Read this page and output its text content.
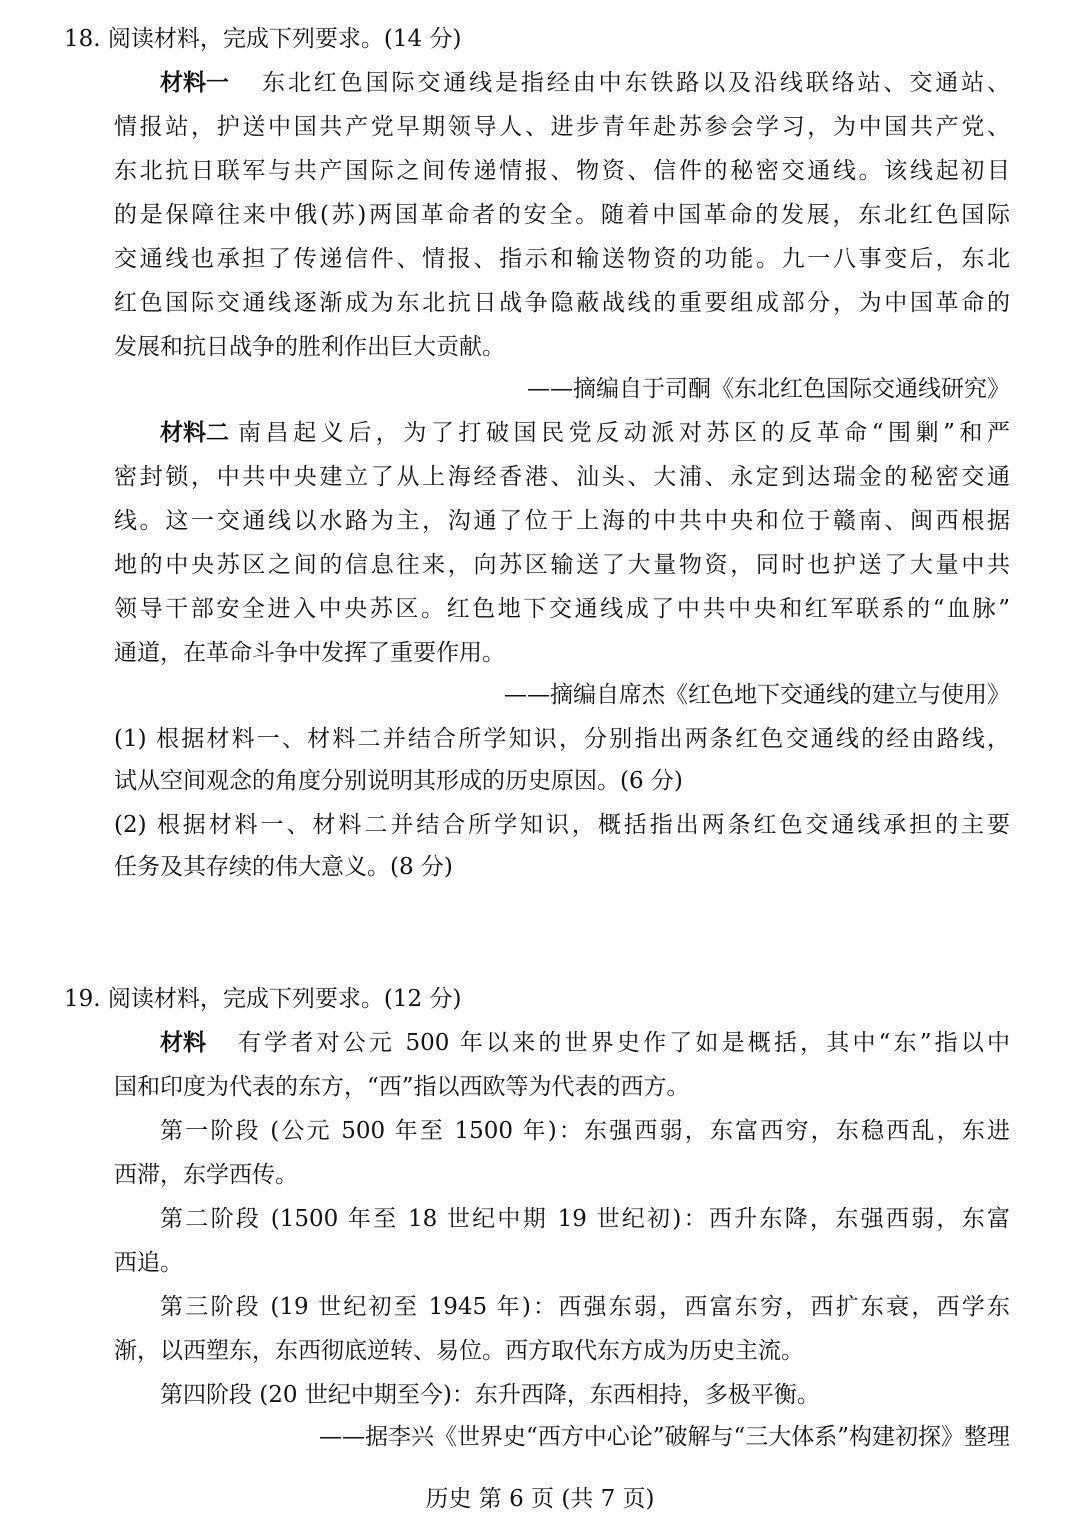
18. 阅读材料，完成下列要求。(14 分)
材料一 东北红色国际交通线是指经由中东铁路以及沿线联络站、交通站、
情报站，护送中国共产党早期领导人、进步青年赴苏参会学习，为中国共产党、
东北抗日联军与共产国际之间传递情报、物资、信件的秘密交通线。该线起初目
的是保障往来中俄(苏)两国革命者的安全。随着中国革命的发展，东北红色国际
交通线也承担了传递信件、情报、指示和输送物资的功能。九一八事变后，东北
红色国际交通线逐渐成为东北抗日战争隐蔽战线的重要组成部分，为中国革命的
发展和抗日战争的胜利作出巨大贡献。
——摘编自于司酮《东北红色国际交通线研究》
材料二 南昌起义后，为了打破国民党反动派对苏区的反革命“围剿”和严
密封锁，中共中央建立了从上海经香港、汕头、大浦、永定到达瑞金的秘密交通
线。这一交通线以水路为主，沟通了位于上海的中共中央和位于赣南、闽西根据
地的中央苏区之间的信息往来，向苏区输送了大量物资，同时也护送了大量中共
领导干部安全进入中央苏区。红色地下交通线成了中共中央和红军联系的“血脉”
通道，在革命斗争中发挥了重要作用。
——摘编自席杰《红色地下交通线的建立与使用》
(1) 根据材料一、材料二并结合所学知识，分别指出两条红色交通线的经由路线，
试从空间观念的角度分别说明其形成的历史原因。(6 分)
(2) 根据材料一、材料二并结合所学知识，概括指出两条红色交通线承担的主要
任务及其存续的伟大意义。(8 分)
19. 阅读材料，完成下列要求。(12 分)
材料 有学者对公元 500 年以来的世界史作了如是概括，其中“东”指以中
国和印度为代表的东方，“西”指以西欧等为代表的西方。
第一阶段 (公元 500 年至 1500 年)：东强西弱，东富西穷，东稳西乱，东进
西滞，东学西传。
第二阶段 (1500 年至 18 世纪中期 19 世纪初)：西升东降，东强西弱，东富
西追。
第三阶段 (19 世纪初至 1945 年)：西强东弱，西富东穷，西扩东衰，西学东
渐，以西塑东，东西彻底逆转、易位。西方取代东方成为历史主流。
第四阶段 (20 世纪中期至今)：东升西降，东西相持，多极平衡。
——据李兴《世界史“西方中心论”破解与“三大体系”构建初探》整理
历史 第 6 页 (共 7 页)
